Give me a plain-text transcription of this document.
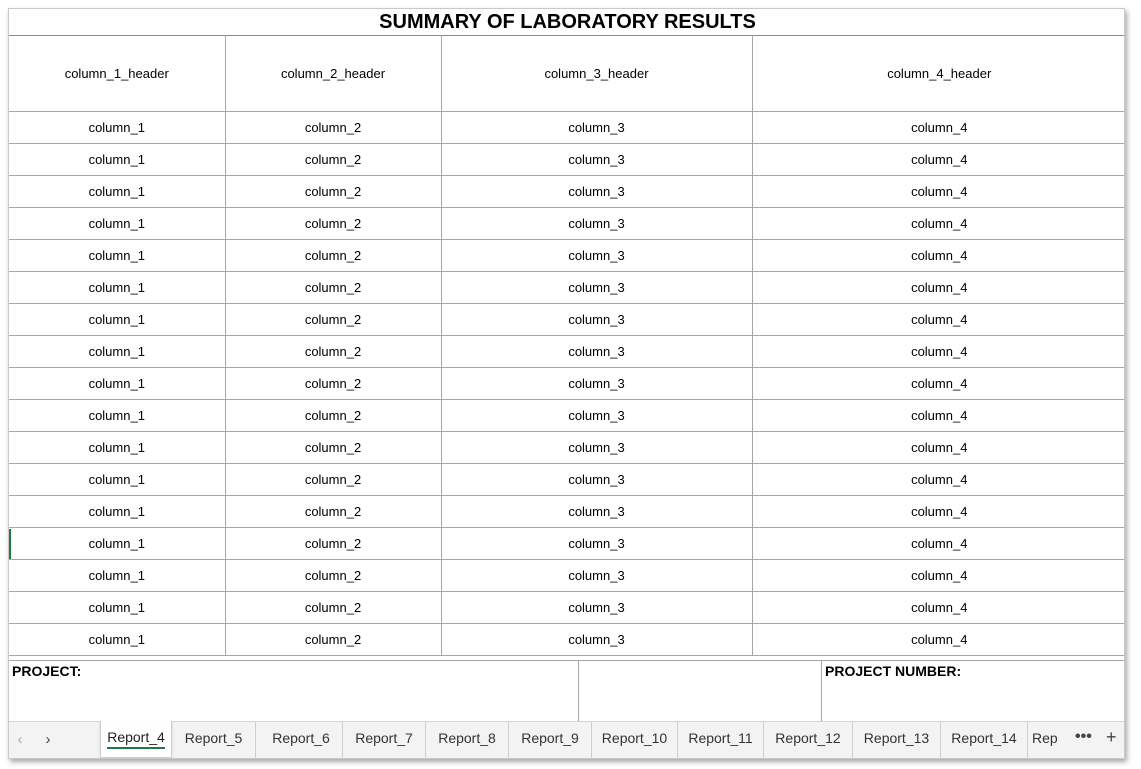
SUMMARY OF LABORATORY RESULTS
column_1_header	column_2_header	column_3_header	column_4_header
column_1	column_2	column_3	column_4
column_1	column_2	column_3	column_4
column_1	column_2	column_3	column_4
column_1	column_2	column_3	column_4
column_1	column_2	column_3	column_4
column_1	column_2	column_3	column_4
column_1	column_2	column_3	column_4
column_1	column_2	column_3	column_4
column_1	column_2	column_3	column_4
column_1	column_2	column_3	column_4
column_1	column_2	column_3	column_4
column_1	column_2	column_3	column_4
column_1	column_2	column_3	column_4
column_1	column_2	column_3	column_4
column_1	column_2	column_3	column_4
column_1	column_2	column_3	column_4
column_1	column_2	column_3	column_4
PROJECT:	PROJECT NUMBER:
‹	›	Report_4	Report_5	Report_6	Report_7	Report_8	Report_9	Report_10	Report_11	Report_12	Report_13	Report_14	Rep	••• +
